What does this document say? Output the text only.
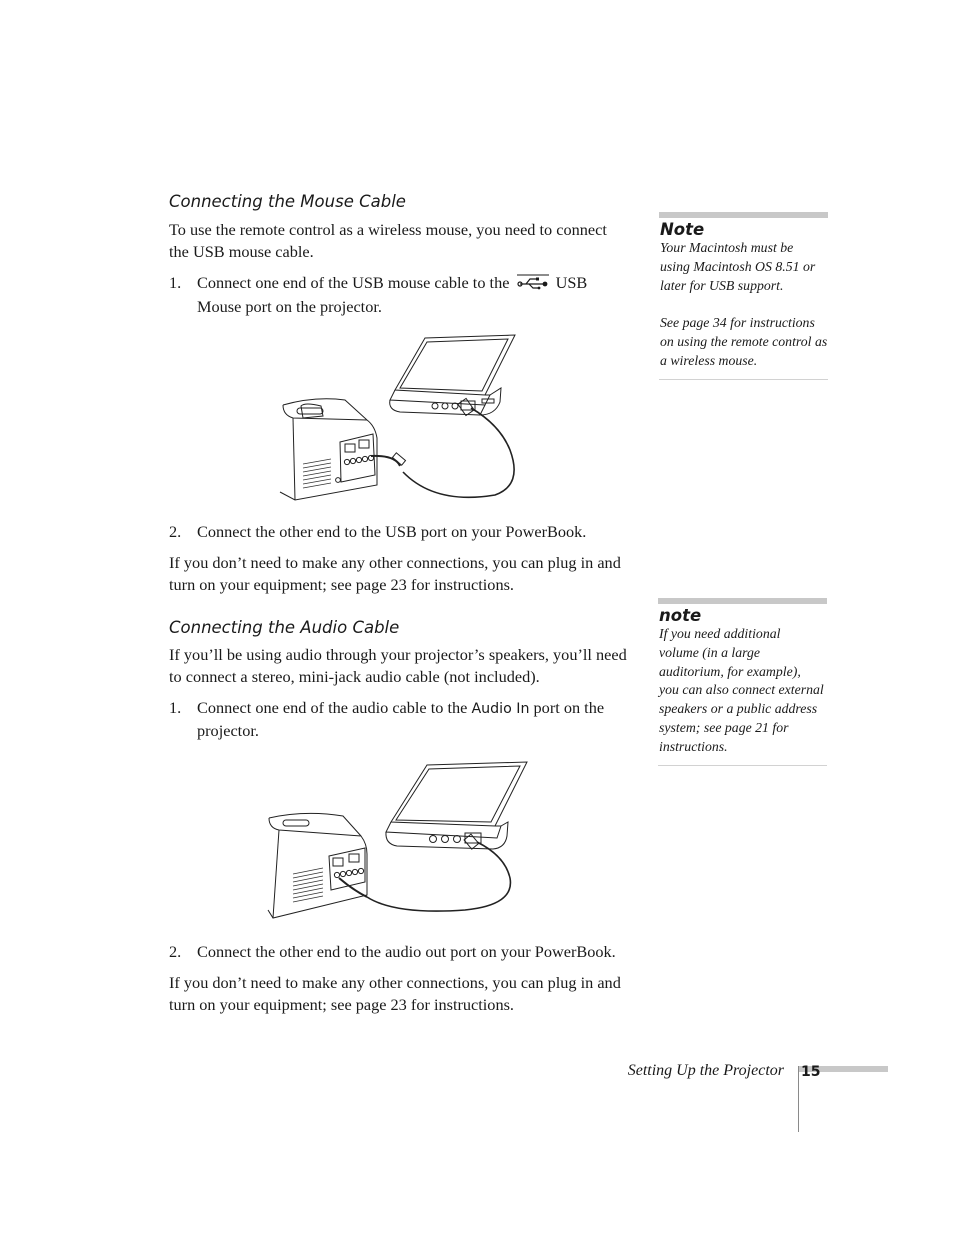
Connecting the Mouse Cable
To use the remote control as a wireless mouse, you need to connect
the USB mouse cable.
1. Connect one end of the USB mouse cable to the	USB
Mouse port on the projector.
2. Connect the other end to the USB port on your PowerBook.
If you don’t need to make any other connections, you can plug in and
turn on your equipment; see page 23 for instructions.
Connecting the Audio Cable
If you’ll be using audio through your projector’s speakers, you’ll need
to connect a stereo, mini-jack audio cable (not included).
1. Connect one end of the audio cable to the Audio In port on the
projector.
2. Connect the other end to the audio out port on your PowerBook.
If you don’t need to make any other connections, you can plug in and
turn on your equipment; see page 23 for instructions.
Note
Your Macintosh must be
using Macintosh OS 8.51 or
later for USB support.
See page 34 for instructions
on using the remote control as
a wireless mouse.
note
If you need additional
volume (in a large
auditorium, for example),
you can also connect external
speakers or a public address
system; see page 21 for
instructions.
Setting Up the Projector 15
